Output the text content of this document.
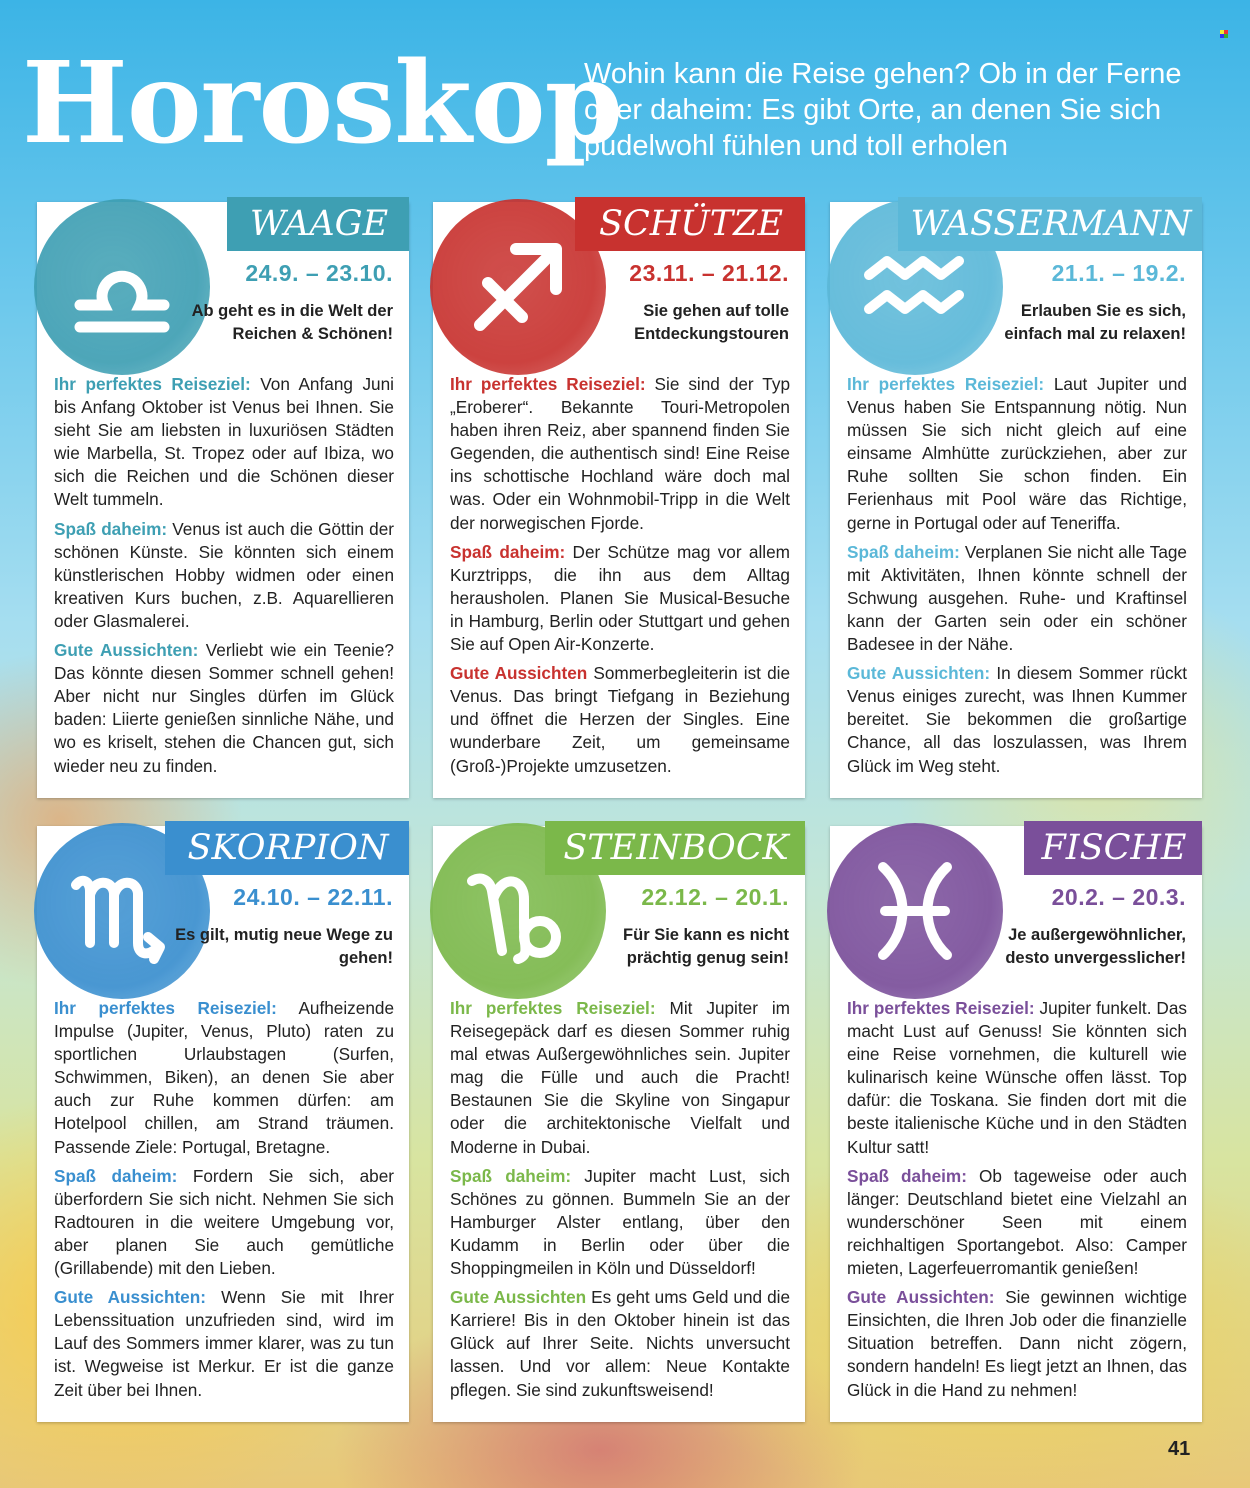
Horoskop
Wohin kann die Reise gehen? Ob in der Ferne oder daheim: Es gibt Orte, an denen Sie sich pudelwohl fühlen und toll erholen
WAAGE
24.9. – 23.10.
Ab geht es in die Welt der Reichen & Schönen!

Ihr perfektes Reiseziel: Von Anfang Juni bis Anfang Oktober ist Venus bei Ihnen. Sie sieht Sie am liebsten in luxuriösen Städten wie Marbella, St. Tropez oder auf Ibiza, wo sich die Reichen und die Schönen dieser Welt tummeln.

Spaß daheim: Venus ist auch die Göttin der schönen Künste. Sie könnten sich einem künstlerischen Hobby widmen oder einen kreativen Kurs buchen, z.B. Aquarellieren oder Glasmalerei.

Gute Aussichten: Verliebt wie ein Teenie? Das könnte diesen Sommer schnell gehen! Aber nicht nur Singles dürfen im Glück baden: Liierte genießen sinnliche Nähe, und wo es kriselt, stehen die Chancen gut, sich wieder neu zu finden.

SCHÜTZE
23.11. – 21.12.
Sie gehen auf tolle Entdeckungstouren

Ihr perfektes Reiseziel: Sie sind der Typ „Eroberer“. Bekannte Touri-Metropolen haben ihren Reiz, aber spannend finden Sie Gegenden, die authentisch sind! Eine Reise ins schottische Hochland wäre doch mal was. Oder ein Wohnmobil-Tripp in die Welt der norwegischen Fjorde.

Spaß daheim: Der Schütze mag vor allem Kurztripps, die ihn aus dem Alltag herausholen. Planen Sie Musical-Besuche in Hamburg, Berlin oder Stuttgart und gehen Sie auf Open Air-Konzerte.

Gute Aussichten Sommerbegleiterin ist die Venus. Das bringt Tiefgang in Beziehung und öffnet die Herzen der Singles. Eine wunderbare Zeit, um gemeinsame (Groß-)Projekte umzusetzen.

WASSERMANN
21.1. – 19.2.
Erlauben Sie es sich, einfach mal zu relaxen!

Ihr perfektes Reiseziel: Laut Jupiter und Venus haben Sie Entspannung nötig. Nun müssen Sie sich nicht gleich auf eine einsame Almhütte zurückziehen, aber zur Ruhe sollten Sie schon finden. Ein Ferienhaus mit Pool wäre das Richtige, gerne in Portugal oder auf Teneriffa.

Spaß daheim: Verplanen Sie nicht alle Tage mit Aktivitäten, Ihnen könnte schnell der Schwung ausgehen. Ruhe- und Kraftinsel kann der Garten sein oder ein schöner Badesee in der Nähe.

Gute Aussichten: In diesem Sommer rückt Venus einiges zurecht, was Ihnen Kummer bereitet. Sie bekommen die großartige Chance, all das loszulassen, was Ihrem Glück im Weg steht.

SKORPION
24.10. – 22.11.
Es gilt, mutig neue Wege zu gehen!

Ihr perfektes Reiseziel: Aufheizende Impulse (Jupiter, Venus, Pluto) raten zu sportlichen Urlaubstagen (Surfen, Schwimmen, Biken), an denen Sie aber auch zur Ruhe kommen dürfen: am Hotelpool chillen, am Strand träumen. Passende Ziele: Portugal, Bretagne.

Spaß daheim: Fordern Sie sich, aber überfordern Sie sich nicht. Nehmen Sie sich Radtouren in die weitere Umgebung vor, aber planen Sie auch gemütliche (Grillabende) mit den Lieben.

Gute Aussichten: Wenn Sie mit Ihrer Lebenssituation unzufrieden sind, wird im Lauf des Sommers immer klarer, was zu tun ist. Wegweise ist Merkur. Er ist die ganze Zeit über bei Ihnen.

STEINBOCK
22.12. – 20.1.
Für Sie kann es nicht prächtig genug sein!

Ihr perfektes Reiseziel: Mit Jupiter im Reisegepäck darf es diesen Sommer ruhig mal etwas Außergewöhnliches sein. Jupiter mag die Fülle und auch die Pracht! Bestaunen Sie die Skyline von Singapur oder die architektonische Vielfalt und Moderne in Dubai.

Spaß daheim: Jupiter macht Lust, sich Schönes zu gönnen. Bummeln Sie an der Hamburger Alster entlang, über den Kudamm in Berlin oder über die Shoppingmeilen in Köln und Düsseldorf!

Gute Aussichten Es geht ums Geld und die Karriere! Bis in den Oktober hinein ist das Glück auf Ihrer Seite. Nichts unversucht lassen. Und vor allem: Neue Kontakte pflegen. Sie sind zukunftsweisend!

FISCHE
20.2. – 20.3.
Je außergewöhnlicher, desto unvergesslicher!

Ihr perfektes Reiseziel: Jupiter funkelt. Das macht Lust auf Genuss! Sie könnten sich eine Reise vornehmen, die kulturell wie kulinarisch keine Wünsche offen lässt. Top dafür: die Toskana. Sie finden dort mit die beste italienische Küche und in den Städten Kultur satt!

Spaß daheim: Ob tageweise oder auch länger: Deutschland bietet eine Vielzahl an wunderschöner Seen mit einem reichhaltigen Sportangebot. Also: Camper mieten, Lagerfeuerromantik genießen!

Gute Aussichten: Sie gewinnen wichtige Einsichten, die Ihren Job oder die finanzielle Situation betreffen. Dann nicht zögern, sondern handeln! Es liegt jetzt an Ihnen, das Glück in die Hand zu nehmen!

41
